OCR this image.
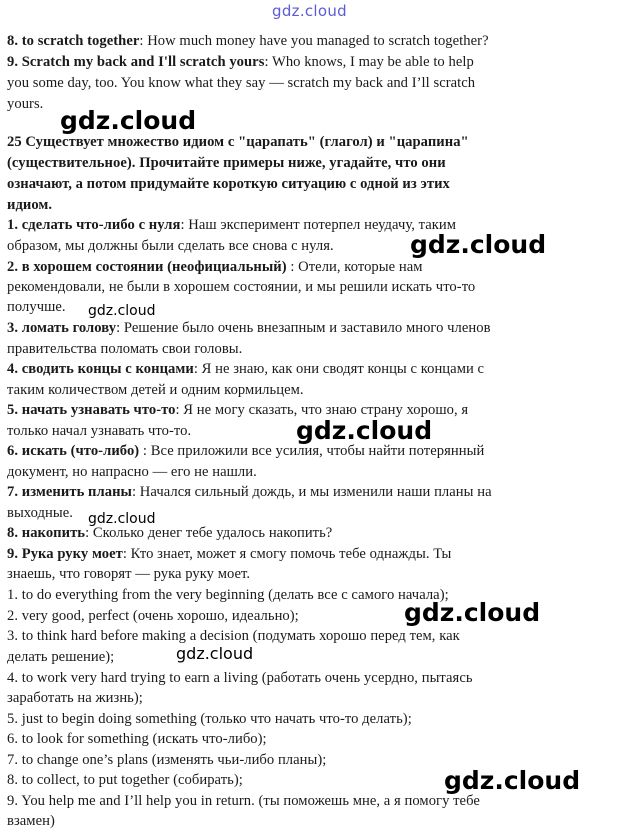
8. to scratch together: How much money have you managed to scratch together?
9. Scratch my back and I'll scratch yours: Who knows, I may be able to help
you some day, too. You know what they say — scratch my back and I’ll scratch
yours.
25 Существует множество идиом с "царапать" (глагол) и "царапина"
(существительное). Прочитайте примеры ниже, угадайте, что они
означают, а потом придумайте короткую ситуацию с одной из этих
идиом.
1. сделать что-либо с нуля: Наш эксперимент потерпел неудачу, таким
образом, мы должны были сделать все снова с нуля.
2. в хорошем состоянии (неофициальный) : Отели, которые нам
рекомендовали, не были в хорошем состоянии, и мы решили искать что-то
получше.
3. ломать голову: Решение было очень внезапным и заставило много членов
правительства поломать свои головы.
4. сводить концы с концами: Я не знаю, как они сводят концы с концами с
таким количеством детей и одним кормильцем.
5. начать узнавать что-то: Я не могу сказать, что знаю страну хорошо, я
только начал узнавать что-то.
6. искать (что-либо) : Все приложили все усилия, чтобы найти потерянный
документ, но напрасно — его не нашли.
7. изменить планы: Начался сильный дождь, и мы изменили наши планы на
выходные.
8. накопить: Сколько денег тебе удалось накопить?
9. Рука руку моет: Кто знает, может я смогу помочь тебе однажды. Ты
знаешь, что говорят — рука руку моет.
1. to do everything from the very beginning (делать все с самого начала);
2. very good, perfect (очень хорошо, идеально);
3. to think hard before making a decision (подумать хорошо перед тем, как
делать решение);
4. to work very hard trying to earn a living (работать очень усердно, пытаясь
заработать на жизнь);
5. just to begin doing something (только что начать что-то делать);
6. to look for something (искать что-либо);
7. to change one’s plans (изменять чьи-либо планы);
8. to collect, to put together (собирать);
9. You help me and I’ll help you in return. (ты поможешь мне, а я помогу тебе
взамен)
gdz.cloud
gdz.cloud
gdz.cloud
gdz.cloud
gdz.cloud
gdz.cloud
gdz.cloud
gdz.cloud
gdz.cloud
